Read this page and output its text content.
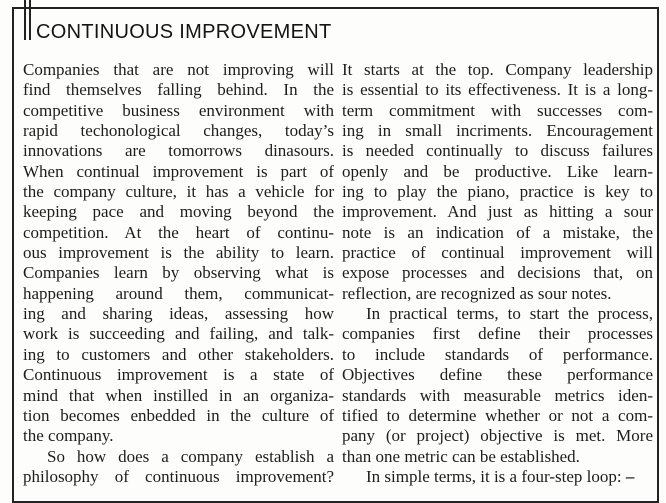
CONTINUOUS IMPROVEMENT
Companies that are not improving will
find themselves falling behind. In the
competitive business environment with
rapid techonological changes, today’s
innovations are tomorrows dinasours.
When continual improvement is part of
the company culture, it has a vehicle for
keeping pace and moving beyond the
competition. At the heart of continu-
ous improvement is the ability to learn.
Companies learn by observing what is
happening around them, communicat-
ing and sharing ideas, assessing how
work is succeeding and failing, and talk-
ing to customers and other stakeholders.
Continuous improvement is a state of
mind that when instilled in an organiza-
tion becomes enbedded in the culture of
the company.
So how does a company establish a
philosophy of continuous improvement?
It starts at the top. Company leadership
is essential to its effectiveness. It is a long-
term commitment with successes com-
ing in small incriments. Encouragement
is needed continually to discuss failures
openly and be productive. Like learn-
ing to play the piano, practice is key to
improvement. And just as hitting a sour
note is an indication of a mistake, the
practice of continual improvement will
expose processes and decisions that, on
reflection, are recognized as sour notes.
In practical terms, to start the process,
companies first define their processes
to include standards of performance.
Objectives define these performance
standards with measurable metrics iden-
tified to determine whether or not a com-
pany (or project) objective is met. More
than one metric can be established.
In simple terms, it is a four-step loop: –
